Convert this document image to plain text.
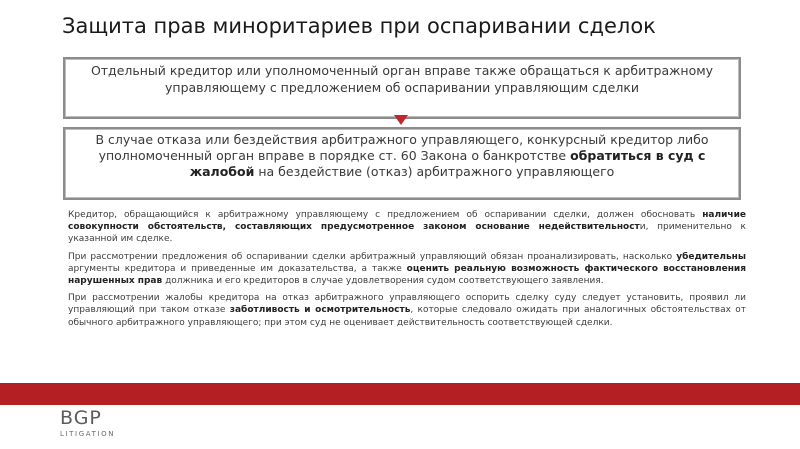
Защита прав миноритариев при оспаривании сделок
Отдельный кредитор или уполномоченный орган вправе также обращаться к арбитражному управляющему с предложением об оспаривании управляющим сделки
В случае отказа или бездействия арбитражного управляющего, конкурсный кредитор либо уполномоченный орган вправе в порядке ст. 60 Закона о банкротстве обратиться в суд с жалобой на бездействие (отказ) арбитражного управляющего

Кредитор, обращающийся к арбитражному управляющему с предложением об оспаривании сделки, должен обосновать наличие совокупности обстоятельств, составляющих предусмотренное законом основание недействительности, применительно к указанной им сделке.

При рассмотрении предложения об оспаривании сделки арбитражный управляющий обязан проанализировать, насколько убедительны аргументы кредитора и приведенные им доказательства, а также оценить реальную возможность фактического восстановления нарушенных прав должника и его кредиторов в случае удовлетворения судом соответствующего заявления.

При рассмотрении жалобы кредитора на отказ арбитражного управляющего оспорить сделку суду следует установить, проявил ли управляющий при таком отказе заботливость и осмотрительность, которые следовало ожидать при аналогичных обстоятельствах от обычного арбитражного управляющего; при этом суд не оценивает действительность соответствующей сделки.

BGP
LITIGATION
